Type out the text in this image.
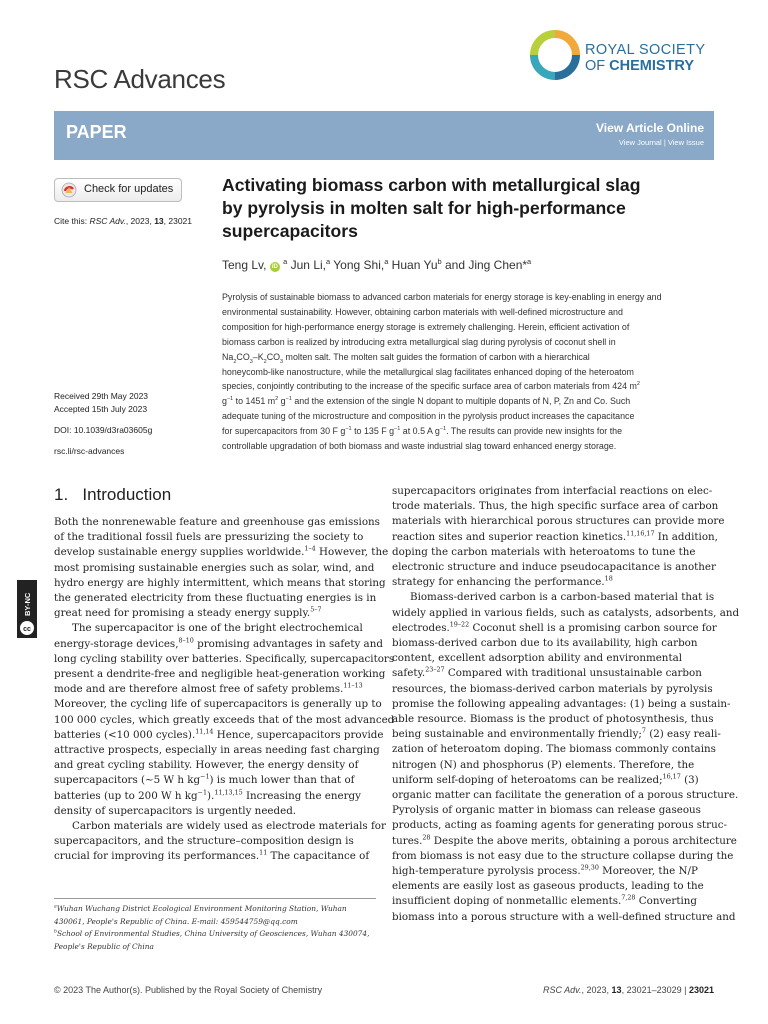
RSC Advances
ROYAL SOCIETY
OF CHEMISTRY
PAPER	View Article Online
View Journal | View Issue
Check for updates
Cite this: RSC Adv., 2023, 13, 23021
Received 29th May 2023
Accepted 15th July 2023
DOI: 10.1039/d3ra03605g
rsc.li/rsc-advances
Activating biomass carbon with metallurgical slag
by pyrolysis in molten salt for high-performance
supercapacitors
Teng Lv, iD $^a$ Jun Li,$^a$ Yong Shi,$^a$ Huan Yu$^b$ and Jing Chen*$^a$
Pyrolysis of sustainable biomass to advanced carbon materials for energy storage is key-enabling in energy and
environmental sustainability. However, obtaining carbon materials with well-defined microstructure and
composition for high-performance energy storage is extremely challenging. Herein, efficient activation of
biomass carbon is realized by introducing extra metallurgical slag during pyrolysis of coconut shell in
$Na_2CO_3-K_2CO_3$ molten salt. The molten salt guides the formation of carbon with a hierarchical
honeycomb-like nanostructure, while the metallurgical slag facilitates enhanced doping of the heteroatom
species, conjointly contributing to the increase of the specific surface area of carbon materials from 424 $m^2$
$g^{-1}$ to 1451 $m^2$ $g^{-1}$ and the extension of the single N dopant to multiple dopants of N, P, Zn and Co. Such
adequate tuning of the microstructure and composition in the pyrolysis product increases the capacitance
for supercapacitors from 30 F $g^{-1}$ to 135 F $g^{-1}$ at 0.5 A $g^{-1}$. The results can provide new insights for the
controllable upgradation of both biomass and waste industrial slag toward enhanced energy storage.
1. Introduction
Both the nonrenewable feature and greenhouse gas emissions
of the traditional fossil fuels are pressurizing the society to
develop sustainable energy supplies worldwide.$^{1-4}$ However, the
most promising sustainable energies such as solar, wind, and
hydro energy are highly intermittent, which means that storing
the generated electricity from these fluctuating energies is in
great need for promising a steady energy supply.$^{5-7}$
The supercapacitor is one of the bright electrochemical
energy-storage devices,$^{8-10}$ promising advantages in safety and
long cycling stability over batteries. Specifically, supercapacitors
present a dendrite-free and negligible heat-generation working
mode and are therefore almost free of safety problems.$^{11-13}$
Moreover, the cycling life of supercapacitors is generally up to
100 000 cycles, which greatly exceeds that of the most advanced
batteries (<10 000 cycles).$^{11,14}$ Hence, supercapacitors provide
attractive prospects, especially in areas needing fast charging
and great cycling stability. However, the energy density of
supercapacitors (∼5 W h $kg^{-1}$) is much lower than that of
batteries (up to 200 W h $kg^{-1}).^{11,13,15}$ Increasing the energy
density of supercapacitors is urgently needed.
Carbon materials are widely used as electrode materials for
supercapacitors, and the structure–composition design is
crucial for improving its performances.$^{11}$ The capacitance of
supercapacitors originates from interfacial reactions on elec-
trode materials. Thus, the high specific surface area of carbon
materials with hierarchical porous structures can provide more
reaction sites and superior reaction kinetics.$^{11,16,17}$ In addition,
doping the carbon materials with heteroatoms to tune the
electronic structure and induce pseudocapacitance is another
strategy for enhancing the performance.$^{18}$
Biomass-derived carbon is a carbon-based material that is
widely applied in various fields, such as catalysts, adsorbents, and
electrodes.$^{19-22}$ Coconut shell is a promising carbon source for
biomass-derived carbon due to its availability, high carbon
content, excellent adsorption ability and environmental
safety.$^{23-27}$ Compared with traditional unsustainable carbon
resources, the biomass-derived carbon materials by pyrolysis
promise the following appealing advantages: (1) being a sustain-
able resource. Biomass is the product of photosynthesis, thus
being sustainable and environmentally friendly;$^7$ (2) easy reali-
zation of heteroatom doping. The biomass commonly contains
nitrogen (N) and phosphorus (P) elements. Therefore, the
uniform self-doping of heteroatoms can be realized;$^{16,17}$ (3)
organic matter can facilitate the generation of a porous structure.
Pyrolysis of organic matter in biomass can release gaseous
products, acting as foaming agents for generating porous struc-
tures.$^{28}$ Despite the above merits, obtaining a porous architecture
from biomass is not easy due to the structure collapse during the
high-temperature pyrolysis process.$^{29,30}$ Moreover, the N/P
elements are easily lost as gaseous products, leading to the
insufficient doping of nonmetallic elements.$^{7,28}$ Converting
biomass into a porous structure with a well-defined structure and
$^a$Wuhan Wuchang District Ecological Environment Monitoring Station, Wuhan
430061, People's Republic of China. E-mail: 459544759@qq.com
$^b$School of Environmental Studies, China University of Geosciences, Wuhan 430074,
People's Republic of China
cc
BY-NC
© 2023 The Author(s). Published by the Royal Society of Chemistry	RSC Adv., 2023, 13, 23021–23029 | 23021
